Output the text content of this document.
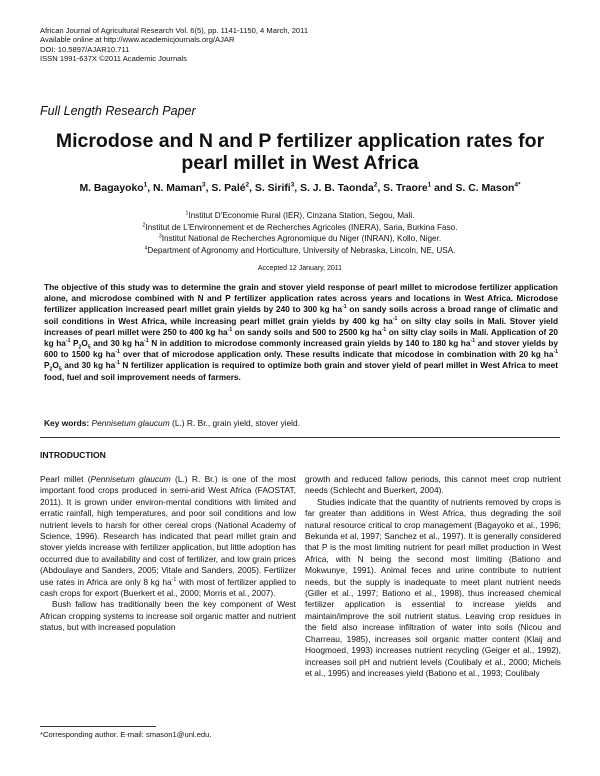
African Journal of Agricultural Research Vol. 6(5), pp. 1141-1150, 4 March, 2011
Available online at http://www.academicjournals.org/AJAR
DOI: 10.5897/AJAR10.711
ISSN 1991-637X ©2011 Academic Journals
Full Length Research Paper
Microdose and N and P fertilizer application rates for pearl millet in West Africa
M. Bagayoko$^1$, N. Maman$^3$, S. Palé$^2$, S. Sirifi$^3$, S. J. B. Taonda$^2$, S. Traore$^1$ and S. C. Mason$^{4*}$
$^1$Institut D’Economie Rural (IER), Cinzana Station, Segou, Mali.
$^2$Institut de L’Environnement et de Recherches Agricoles (INERA), Saria, Burkina Faso.
$^3$Institut National de Recherches Agronomique du Niger (INRAN), Kollo, Niger.
$^4$Department of Agronomy and Horticulture, University of Nebraska, Lincoln, NE, USA.
Accepted 12 January, 2011
The objective of this study was to determine the grain and stover yield response of pearl millet to microdose fertilizer application alone, and microdose combined with N and P fertilizer application rates across years and locations in West Africa. Microdose fertilizer application increased pearl millet grain yields by 240 to 300 kg $ha^{-1}$ on sandy soils across a broad range of climatic and soil conditions in West Africa, while increasing pearl millet grain yields by 400 kg $ha^{-1}$ on silty clay soils in Mali. Stover yield increases of pearl millet were 250 to 400 kg $ha^{-1}$ on sandy soils and 500 to 2500 kg $ha^{-1}$ on silty clay soils in Mali. Application of 20 kg $ha^{-1}$ $P_2O_5$ and 30 kg $ha^{-1}$ N in addition to microdose commonly increased grain yields by 140 to 180 kg $ha^{-1}$ and stover yields by 600 to 1500 kg $ha^{-1}$ over that of microdose application only. These results indicate that micodose in combination with 20 kg $ha^{-1}$ $P_2O_5$ and 30 kg $ha^{-1}$ N fertilizer application is required to optimize both grain and stover yield of pearl millet in West Africa to meet food, fuel and soil improvement needs of farmers.
Key words: Pennisetum glaucum (L.) R. Br., grain yield, stover yield.
INTRODUCTION

Pearl millet (Pennisetum glaucum (L.) R. Br.) is one of the most important food crops produced in semi-arid West Africa (FAOSTAT, 2011). It is grown under environ-mental conditions with limited and erratic rainfall, high temperatures, and poor soil conditions and low nutrient levels to harsh for other cereal crops (National Academy of Science, 1996). Research has indicated that pearl millet grain and stover yields increase with fertilizer application, but little adoption has occurred due to availability and cost of fertilizer, and low grain prices (Abdoulaye and Sanders, 2005; Vitale and Sanders, 2005). Fertilizer use rates in Africa are only 8 kg $ha^{-1}$ with most of fertilizer applied to cash crops for export (Buerkert et al., 2000; Morris et al., 2007).

Bush fallow has traditionally been the key component of West African cropping systems to increase soil organic matter and nutrient status, but with increased population

growth and reduced fallow periods, this cannot meet crop nutrient needs (Schlecht and Buerkert, 2004).

Studies indicate that the quantity of nutrients removed by crops is far greater than additions in West Africa, thus degrading the soil natural resource critical to crop management (Bagayoko et al., 1996; Bekunda et al, 1997; Sanchez et al., 1997). It is generally considered that P is the most limiting nutrient for pearl millet production in West Africa, with N being the second most limiting (Bationo and Mokwunye, 1991). Animal feces and urine contribute to nutrient needs, but the supply is inadequate to meet plant nutrient needs (Giller et al., 1997; Bationo et al., 1998), thus increased chemical fertilizer application is essential to increase yields and maintain/improve the soil nutrient status. Leaving crop residues in the field also increase infiltration of water into soils (Nicou and Charreau, 1985), increases soil organic matter content (Klaij and Hoogmoed, 1993) increases nutrient recycling (Geiger et al., 1992), increases soil pH and nutrient levels (Coulibaly et al., 2000; Michels et al., 1995) and increases yield (Bationo et al., 1993; Coulibaly

*Corresponding author. E-mail: smason1@unl.edu.
